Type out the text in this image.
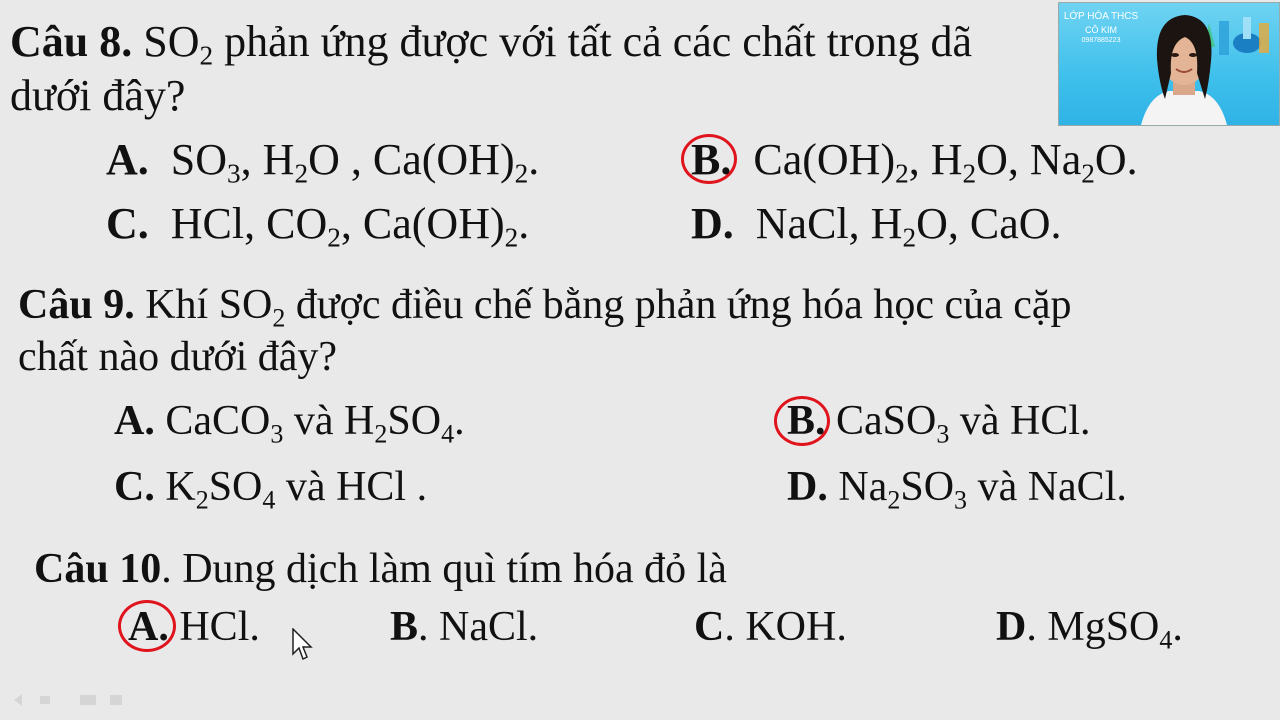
Câu 8. $SO_2$ phản ứng được với tất cả các chất trong dã
dưới đây?
A. $SO_3$, $H_2O$ , $Ca(OH)_2$.	B. $Ca(OH)_2$, $H_2O$, $Na_2O$.
C. HCl, $CO_2$, $Ca(OH)_2$.	D. NaCl, $H_2O$, CaO.
Câu 9. Khí $SO_2$ được điều chế bằng phản ứng hóa học của cặp
chất nào dưới đây?
A. CaCO$_3$ và $H_2SO_4$.	B. CaSO$_3$ và HCl.
C. $K_2SO_4$ và HCl .	D. $Na_2SO_3$ và NaCl.
Câu 10. Dung dịch làm quì tím hóa đỏ là
A. HCl.	B. NaCl.	C. KOH.	D. MgSO$_4$.
LỚP HÓA THCS
CÔ KIM
0987885223
